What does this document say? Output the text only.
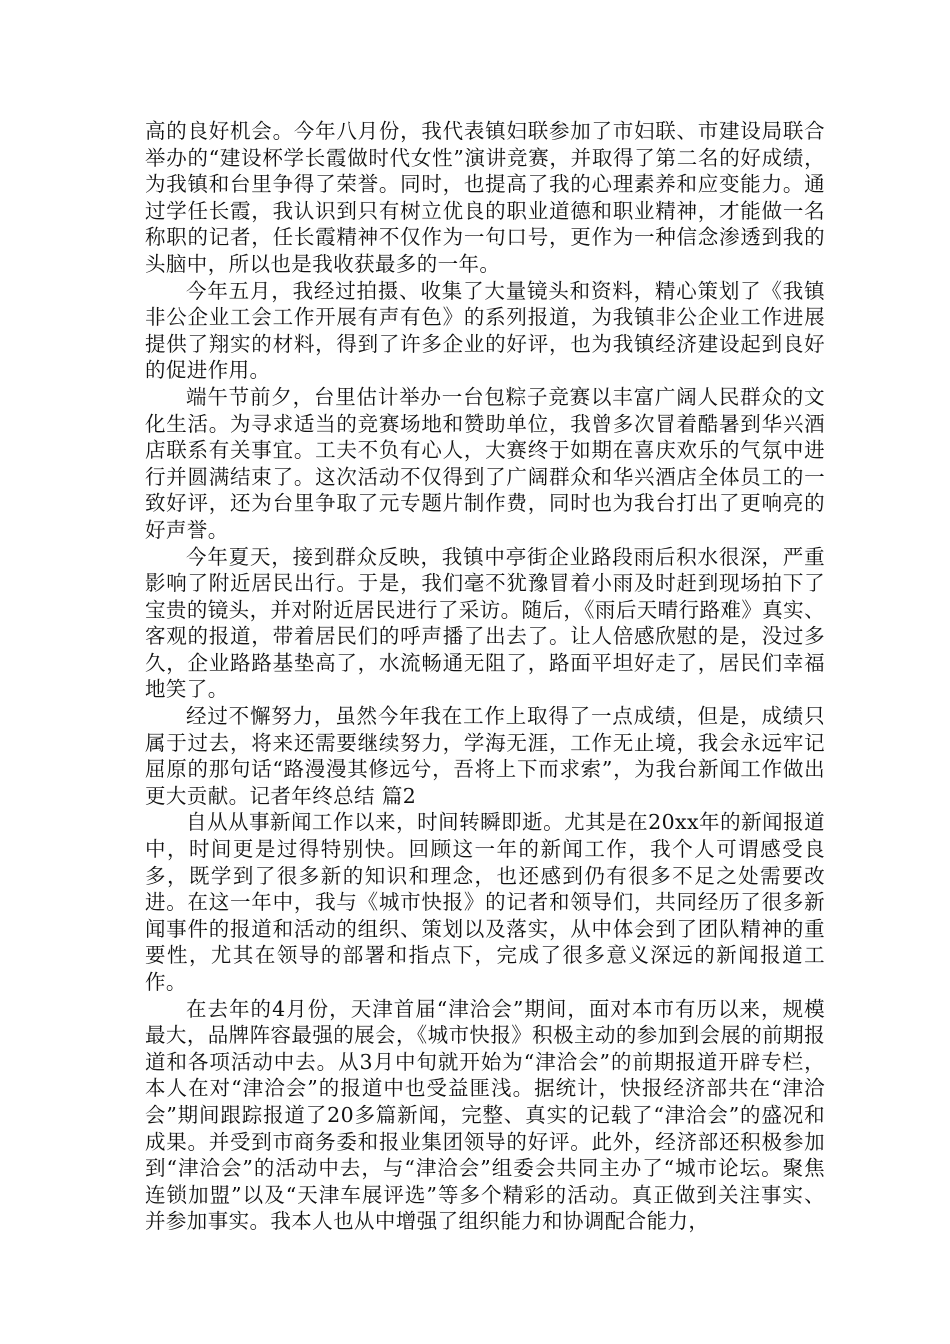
高的良好机会。今年八月份，我代表镇妇联参加了市妇联、市建设局联合举办的“建设杯学长霞做时代女性”演讲竞赛，并取得了第二名的好成绩，为我镇和台里争得了荣誉。同时，也提高了我的心理素养和应变能力。通过学任长霞，我认识到只有树立优良的职业道德和职业精神，才能做一名称职的记者，任长霞精神不仅作为一句口号，更作为一种信念渗透到我的头脑中，所以也是我收获最多的一年。

今年五月，我经过拍摄、收集了大量镜头和资料，精心策划了《我镇非公企业工会工作开展有声有色》的系列报道，为我镇非公企业工作进展提供了翔实的材料，得到了许多企业的好评，也为我镇经济建设起到良好的促进作用。

端午节前夕，台里估计举办一台包粽子竞赛以丰富广阔人民群众的文化生活。为寻求适当的竞赛场地和赞助单位，我曾多次冒着酷暑到华兴酒店联系有关事宜。工夫不负有心人，大赛终于如期在喜庆欢乐的气氛中进行并圆满结束了。这次活动不仅得到了广阔群众和华兴酒店全体员工的一致好评，还为台里争取了元专题片制作费，同时也为我台打出了更响亮的好声誉。

今年夏天，接到群众反映，我镇中亭街企业路段雨后积水很深，严重影响了附近居民出行。于是，我们毫不犹豫冒着小雨及时赶到现场拍下了宝贵的镜头，并对附近居民进行了采访。随后，《雨后天晴行路难》真实、客观的报道，带着居民们的呼声播了出去了。让人倍感欣慰的是，没过多久，企业路路基垫高了，水流畅通无阻了，路面平坦好走了，居民们幸福地笑了。

经过不懈努力，虽然今年我在工作上取得了一点成绩，但是，成绩只属于过去，将来还需要继续努力，学海无涯，工作无止境，我会永远牢记屈原的那句话“路漫漫其修远兮，吾将上下而求索”，为我台新闻工作做出更大贡献。记者年终总结 篇2

自从从事新闻工作以来，时间转瞬即逝。尤其是在20xx年的新闻报道中，时间更是过得特别快。回顾这一年的新闻工作，我个人可谓感受良多，既学到了很多新的知识和理念，也还感到仍有很多不足之处需要改进。在这一年中，我与《城市快报》的记者和领导们，共同经历了很多新闻事件的报道和活动的组织、策划以及落实，从中体会到了团队精神的重要性，尤其在领导的部署和指点下，完成了很多意义深远的新闻报道工作。

在去年的4月份，天津首届“津洽会”期间，面对本市有历以来，规模最大，品牌阵容最强的展会，《城市快报》积极主动的参加到会展的前期报道和各项活动中去。从3月中旬就开始为“津洽会”的前期报道开辟专栏，本人在对“津洽会”的报道中也受益匪浅。据统计，快报经济部共在“津洽会”期间跟踪报道了20多篇新闻，完整、真实的记载了“津洽会”的盛况和成果。并受到市商务委和报业集团领导的好评。此外，经济部还积极参加到“津洽会”的活动中去，与“津洽会”组委会共同主办了“城市论坛。聚焦连锁加盟”以及“天津车展评选”等多个精彩的活动。真正做到关注事实、并参加事实。我本人也从中增强了组织能力和协调配合能力，
